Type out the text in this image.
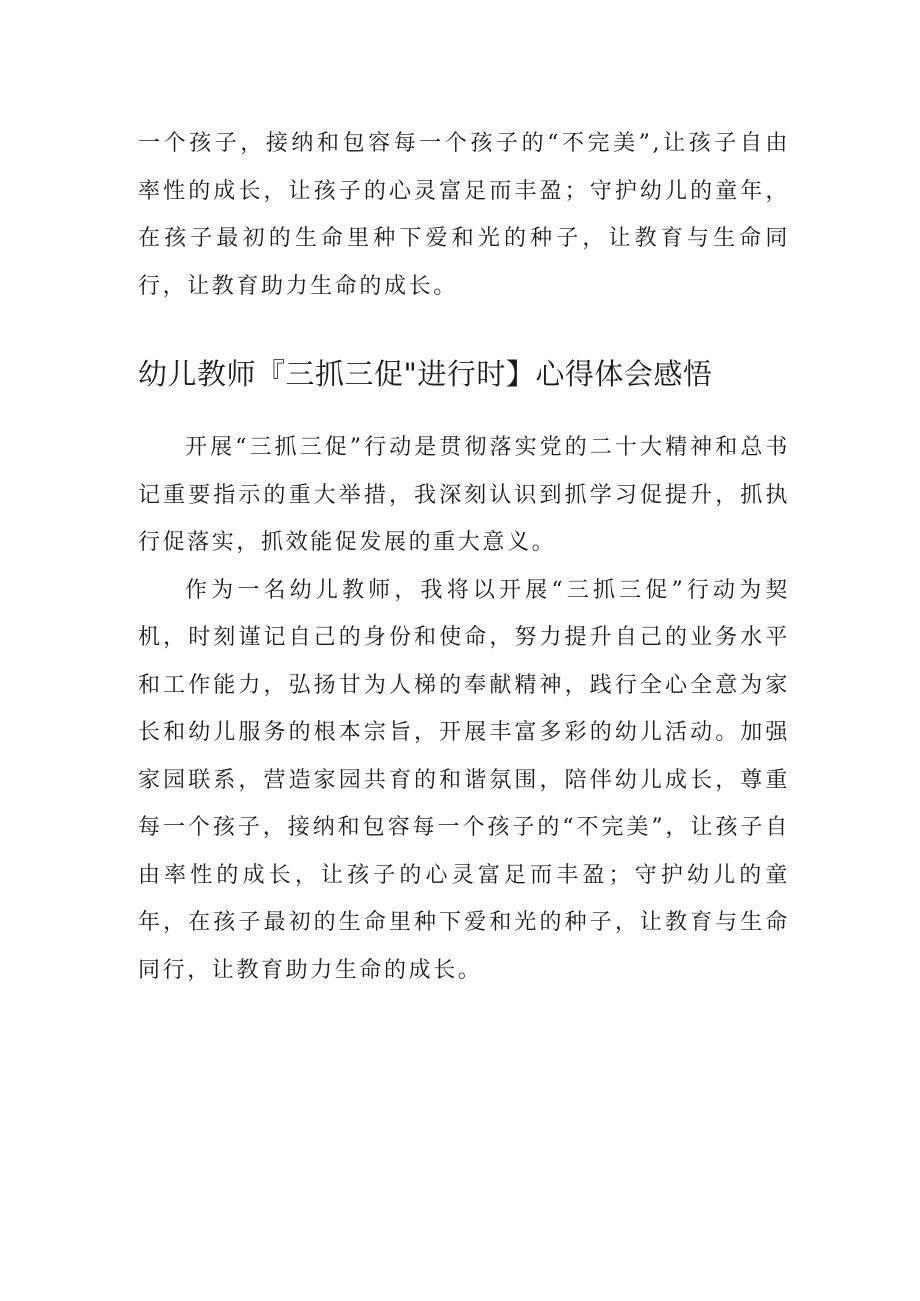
一个孩子，接纳和包容每一个孩子的“不完美”,让孩子自由率性的成长，让孩子的心灵富足而丰盈；守护幼儿的童年，在孩子最初的生命里种下爱和光的种子，让教育与生命同行，让教育助力生命的成长。

幼儿教师『三抓三促"进行时】心得体会感悟

开展“三抓三促”行动是贯彻落实党的二十大精神和总书记重要指示的重大举措，我深刻认识到抓学习促提升，抓执行促落实，抓效能促发展的重大意义。

作为一名幼儿教师，我将以开展“三抓三促”行动为契机，时刻谨记自己的身份和使命，努力提升自己的业务水平和工作能力，弘扬甘为人梯的奉献精神，践行全心全意为家长和幼儿服务的根本宗旨，开展丰富多彩的幼儿活动。加强家园联系，营造家园共育的和谐氛围，陪伴幼儿成长，尊重每一个孩子，接纳和包容每一个孩子的“不完美”，让孩子自由率性的成长，让孩子的心灵富足而丰盈；守护幼儿的童年，在孩子最初的生命里种下爱和光的种子，让教育与生命同行，让教育助力生命的成长。
